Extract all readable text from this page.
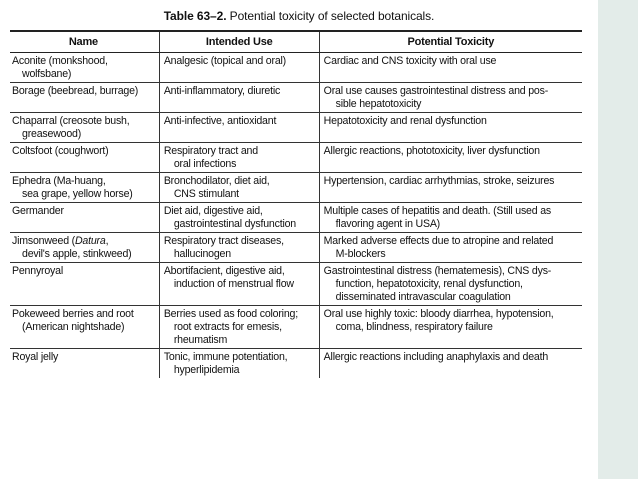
Table 63–2. Potential toxicity of selected botanicals.
Name	Intended Use	Potential Toxicity

Aconite (monkshood,
wolfsbane)	Analgesic (topical and oral)	Cardiac and CNS toxicity with oral use

Borage (beebread, burrage)	Anti-inflammatory, diuretic	Oral use causes gastrointestinal distress and pos-
sible hepatotoxicity

Chaparral (creosote bush,
greasewood)	Anti-infective, antioxidant	Hepatotoxicity and renal dysfunction

Coltsfoot (coughwort)	Respiratory tract and
oral infections	Allergic reactions, phototoxicity, liver dysfunction

Ephedra (Ma-huang,
sea grape, yellow horse)	Bronchodilator, diet aid,
CNS stimulant	Hypertension, cardiac arrhythmias, stroke, seizures

Germander	Diet aid, digestive aid,
gastrointestinal dysfunction	Multiple cases of hepatitis and death. (Still used as
flavoring agent in USA)

Jimsonweed (Datura,
devil's apple, stinkweed)	Respiratory tract diseases,
hallucinogen	Marked adverse effects due to atropine and related
M-blockers

Pennyroyal	Abortifacient, digestive aid,
induction of menstrual flow	Gastrointestinal distress (hematemesis), CNS dys-
function, hepatotoxicity, renal dysfunction,
disseminated intravascular coagulation

Pokeweed berries and root
(American nightshade)	Berries used as food coloring;
root extracts for emesis,
rheumatism	Oral use highly toxic: bloody diarrhea, hypotension,
coma, blindness, respiratory failure

Royal jelly	Tonic, immune potentiation,
hyperlipidemia	Allergic reactions including anaphylaxis and death
